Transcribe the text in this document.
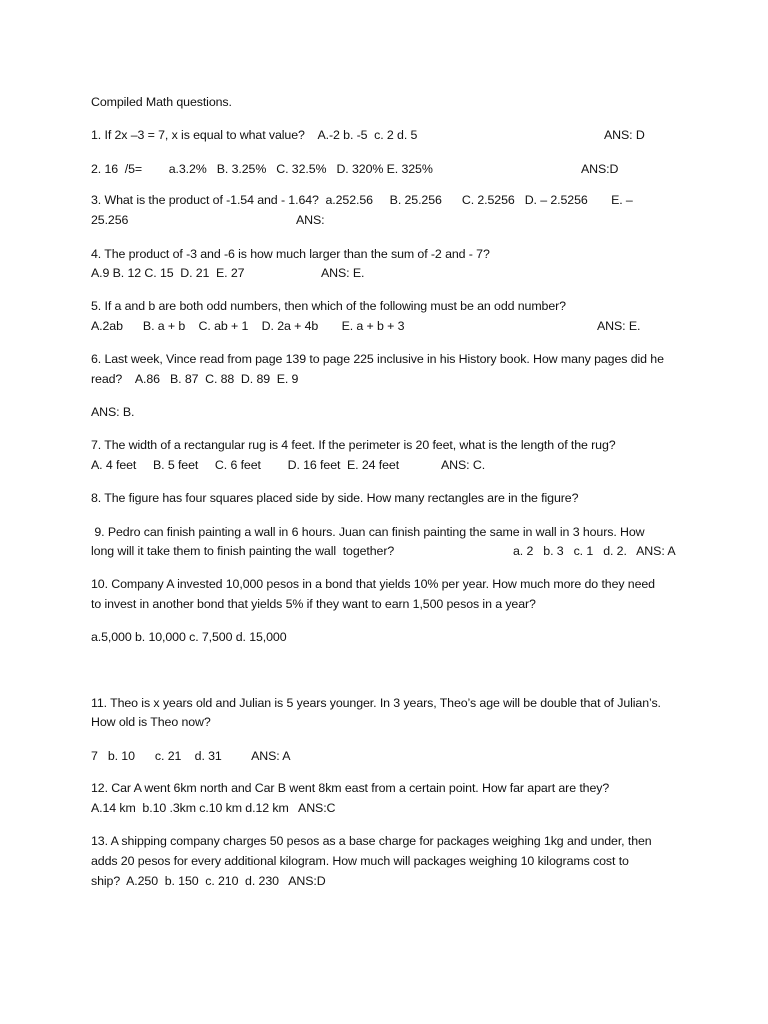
Compiled Math questions.

1. If 2x –3 = 7, x is equal to what value?    A.-2 b. -5  c. 2 d. 5	ANS: D

2. 16  /5=        a.3.2%   B. 3.25%   C. 32.5%   D. 320% E. 325%	ANS:D

3. What is the product of -1.54 and - 1.64?  a.252.56     B. 25.256      C. 2.5256   D. – 2.5256       E. –

25.256	ANS:

4. The product of -3 and -6 is how much larger than the sum of -2 and - 7?

A.9 B. 12 C. 15  D. 21  E. 27	ANS: E.

5. If a and b are both odd numbers, then which of the following must be an odd number?

A.2ab      B. a + b    C. ab + 1    D. 2a + 4b       E. a + b + 3	ANS: E.

6. Last week, Vince read from page 139 to page 225 inclusive in his History book. How many pages did he

read?    A.86   B. 87  C. 88  D. 89  E. 9

ANS: B.

7. The width of a rectangular rug is 4 feet. If the perimeter is 20 feet, what is the length of the rug?

A. 4 feet     B. 5 feet     C. 6 feet        D. 16 feet  E. 24 feet	ANS: C.

8. The figure has four squares placed side by side. How many rectangles are in the figure?

9. Pedro can finish painting a wall in 6 hours. Juan can finish painting the same in wall in 3 hours. How

long will it take them to finish painting the wall  together?	a. 2   b. 3   c. 1   d. 2.   ANS: A

10. Company A invested 10,000 pesos in a bond that yields 10% per year. How much more do they need

to invest in another bond that yields 5% if they want to earn 1,500 pesos in a year?

a.5,000 b. 10,000 c. 7,500 d. 15,000

11. Theo is x years old and Julian is 5 years younger. In 3 years, Theo’s age will be double that of Julian’s.

How old is Theo now?

7   b. 10      c. 21    d. 31         ANS: A

12. Car A went 6km north and Car B went 8km east from a certain point. How far apart are they?

A.14 km  b.10 .3km c.10 km d.12 km   ANS:C

13. A shipping company charges 50 pesos as a base charge for packages weighing 1kg and under, then

adds 20 pesos for every additional kilogram. How much will packages weighing 10 kilograms cost to

ship?  A.250  b. 150  c. 210  d. 230   ANS:D
